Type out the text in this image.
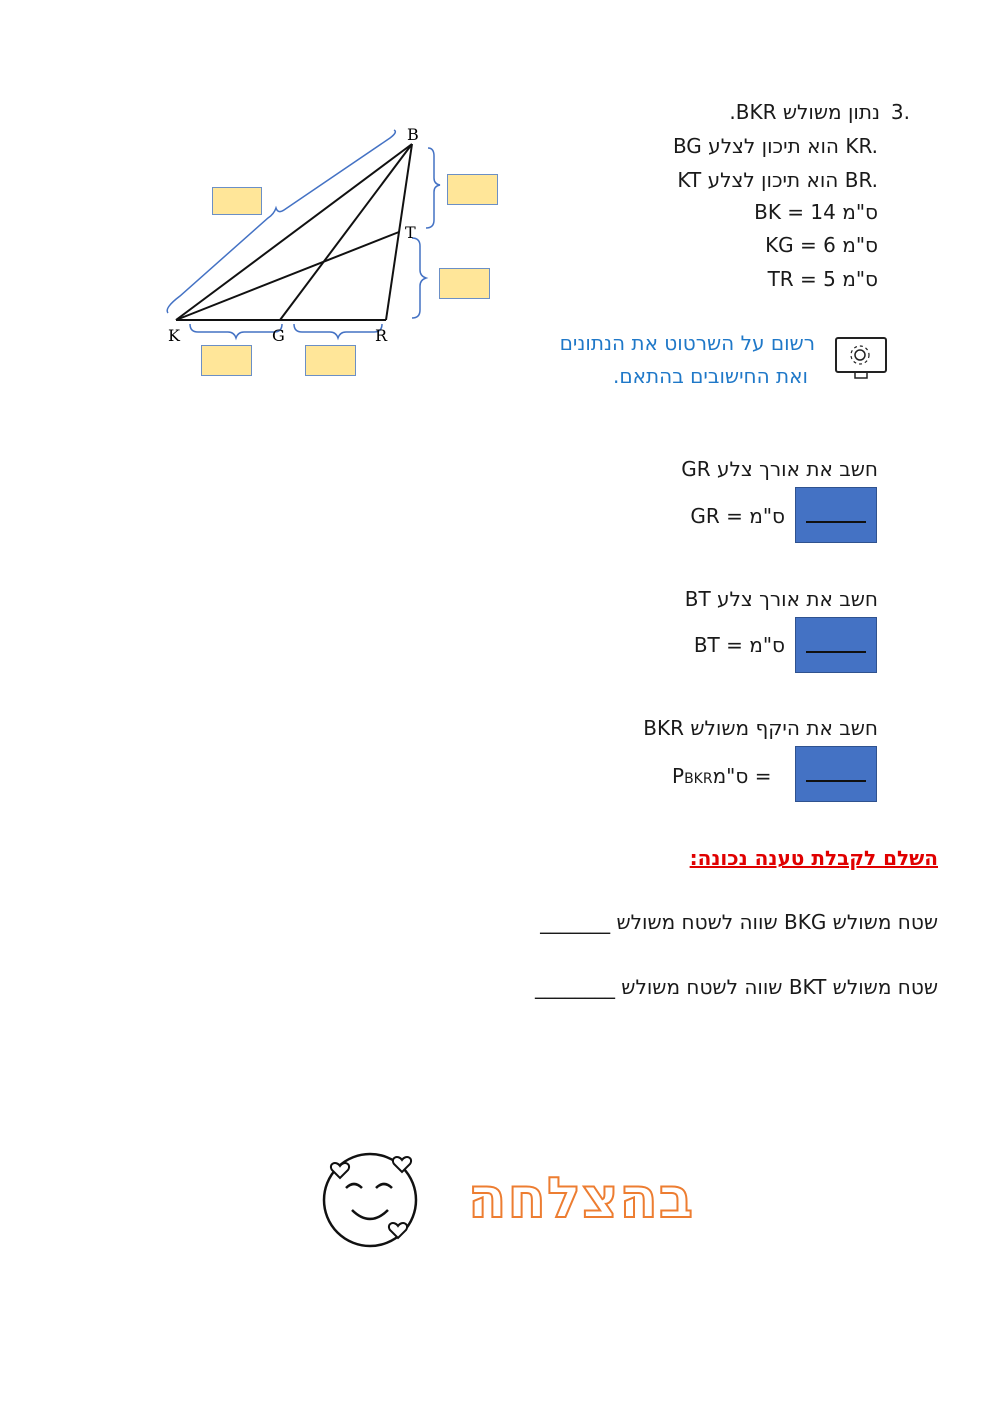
3.
נתון משולש BKR.
BG הוא תיכון לצלע KR.
KT הוא תיכון לצלע BR.
BK = 14 ס"מ
KG = 6 ס"מ
TR = 5 ס"מ
רשום על השרטוט את הנתונים
ואת החישובים בהתאם.
B
T
K	G	R
חשב את אורך צלע GR
GR = ס"מ
חשב את אורך צלע BT
BT = ס"מ
חשב את היקף משולש BKR
PBKR = ס"מ
השלם לקבלת טענה נכונה:
שטח משולש BKG שווה לשטח משולש _______
שטח משולש BKT שווה לשטח משולש ________
בהצלחה
